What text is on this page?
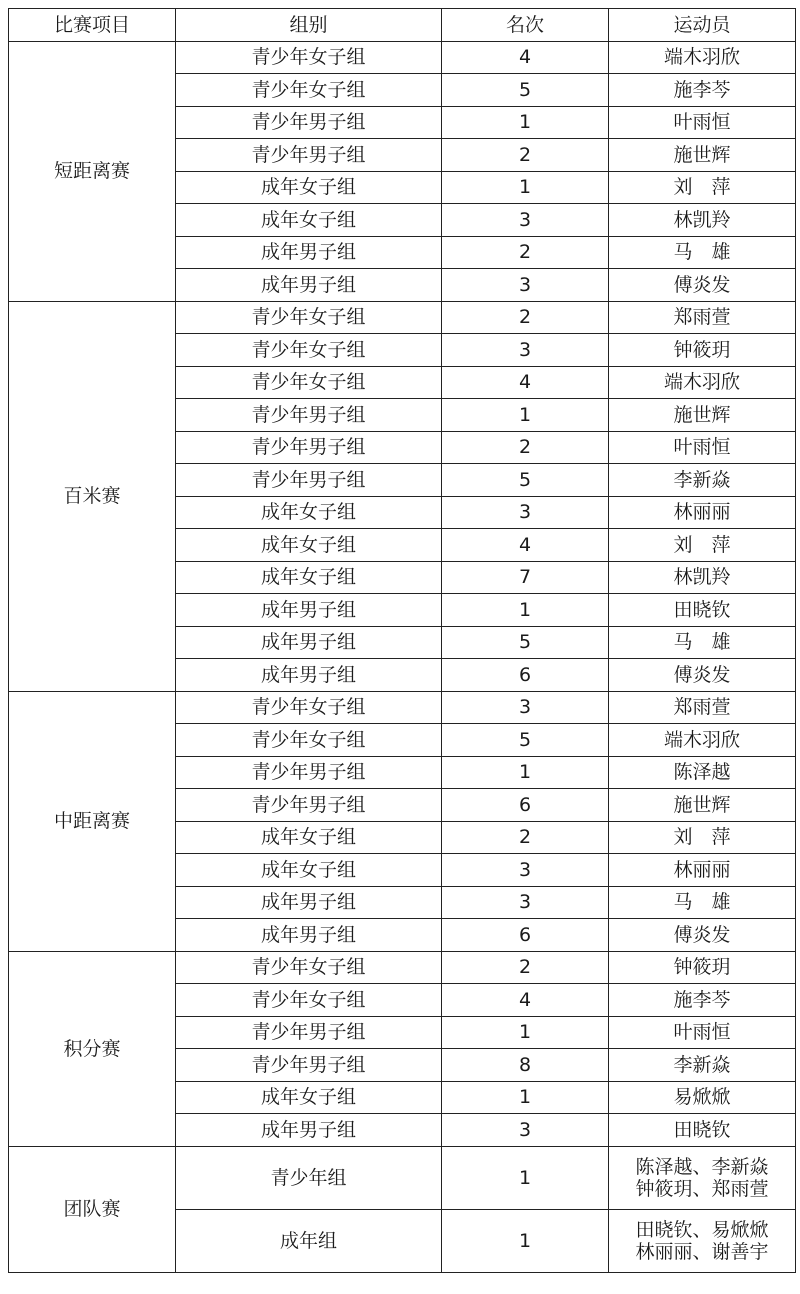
比赛项目	组别	名次	运动员
短距离赛	青少年女子组	4	端木羽欣
	青少年女子组	5	施李芩
	青少年男子组	1	叶雨恒
	青少年男子组	2	施世辉
	成年女子组	1	刘　萍
	成年女子组	3	林凯羚
	成年男子组	2	马　雄
	成年男子组	3	傅炎发
百米赛	青少年女子组	2	郑雨萱
	青少年女子组	3	钟筱玥
	青少年女子组	4	端木羽欣
	青少年男子组	1	施世辉
	青少年男子组	2	叶雨恒
	青少年男子组	5	李新焱
	成年女子组	3	林丽丽
	成年女子组	4	刘　萍
	成年女子组	7	林凯羚
	成年男子组	1	田晓钦
	成年男子组	5	马　雄
	成年男子组	6	傅炎发
中距离赛	青少年女子组	3	郑雨萱
	青少年女子组	5	端木羽欣
	青少年男子组	1	陈泽越
	青少年男子组	6	施世辉
	成年女子组	2	刘　萍
	成年女子组	3	林丽丽
	成年男子组	3	马　雄
	成年男子组	6	傅炎发
积分赛	青少年女子组	2	钟筱玥
	青少年女子组	4	施李芩
	青少年男子组	1	叶雨恒
	青少年男子组	8	李新焱
	成年女子组	1	易焮焮
	成年男子组	3	田晓钦
团队赛	青少年组	1	陈泽越、李新焱
钟筱玥、郑雨萱
	成年组	1	田晓钦、易焮焮
林丽丽、谢善宇
